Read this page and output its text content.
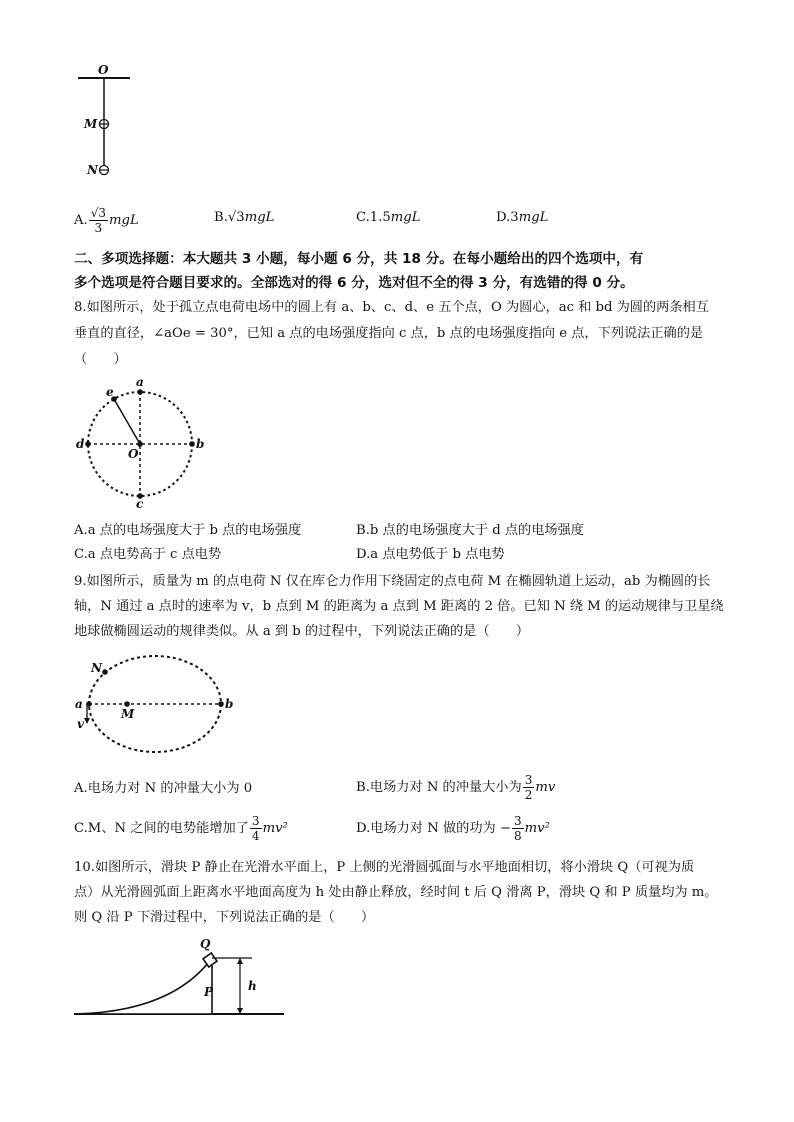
O
M
N
A. $\frac{√3}{3}$ mgL	B.√3mgL	C.1.5mgL	D.3mgL
二、多项选择题：本大题共 3 小题，每小题 6 分，共 18 分。在每小题给出的四个选项中，有
多个选项是符合题目要求的。全部选对的得 6 分，选对但不全的得 3 分，有选错的得 0 分。
8.如图所示，处于孤立点电荷电场中的圆上有 a、b、c、d、e 五个点，O 为圆心，ac 和 bd 为圆的两条相互
垂直的直径，∠aOe = 30°，已知 a 点的电场强度指向 c 点，b 点的电场强度指向 e 点，下列说法正确的是
（　　）
a
e
d	b
O
c
A.a 点的电场强度大于 b 点的电场强度	B.b 点的电场强度大于 d 点的电场强度
C.a 点电势高于 c 点电势	D.a 点电势低于 b 点电势
9.如图所示，质量为 m 的点电荷 N 仅在库仑力作用下绕固定的点电荷 M 在椭圆轨道上运动，ab 为椭圆的长
轴，N 通过 a 点时的速率为 v，b 点到 M 的距离为 a 点到 M 距离的 2 倍。已知 N 绕 M 的运动规律与卫星绕
地球做椭圆运动的规律类似。从 a 到 b 的过程中，下列说法正确的是（　　）
N
a
M
b
v
A.电场力对 N 的冲量大小为 0	B.电场力对 N 的冲量大小为 $\frac{3}{2}$ mv
C.M、N 之间的电势能增加了 $\frac{3}{4} mv^2$	D.电场力对 N 做的功为 − $\frac{3}{8} mv^2$
10.如图所示，滑块 P 静止在光滑水平面上，P 上侧的光滑圆弧面与水平地面相切，将小滑块 Q（可视为质
点）从光滑圆弧面上距离水平地面高度为 h 处由静止释放，经时间 t 后 Q 滑离 P，滑块 Q 和 P 质量均为 m。
则 Q 沿 P 下滑过程中，下列说法正确的是（　　）
Q
P	h
